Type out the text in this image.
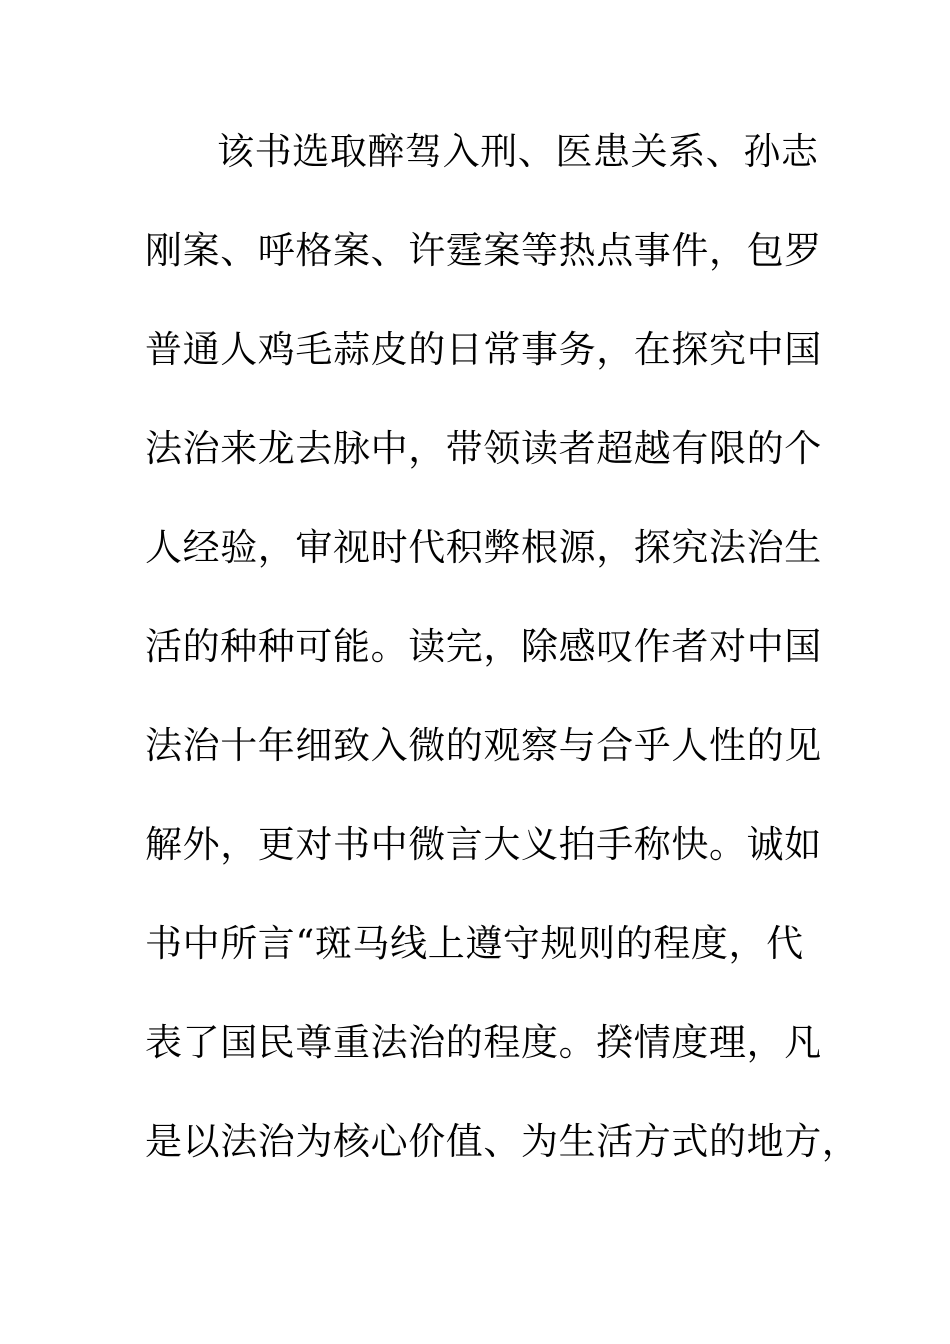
该书选取醉驾入刑、医患关系、孙志
刚案、呼格案、许霆案等热点事件，包罗
普通人鸡毛蒜皮的日常事务，在探究中国
法治来龙去脉中，带领读者超越有限的个
人经验，审视时代积弊根源，探究法治生
活的种种可能。读完，除感叹作者对中国
法治十年细致入微的观察与合乎人性的见
解外，更对书中微言大义拍手称快。诚如
书中所言“斑马线上遵守规则的程度，代
表了国民尊重法治的程度。揆情度理，凡
是以法治为核心价值、为生活方式的地方，
